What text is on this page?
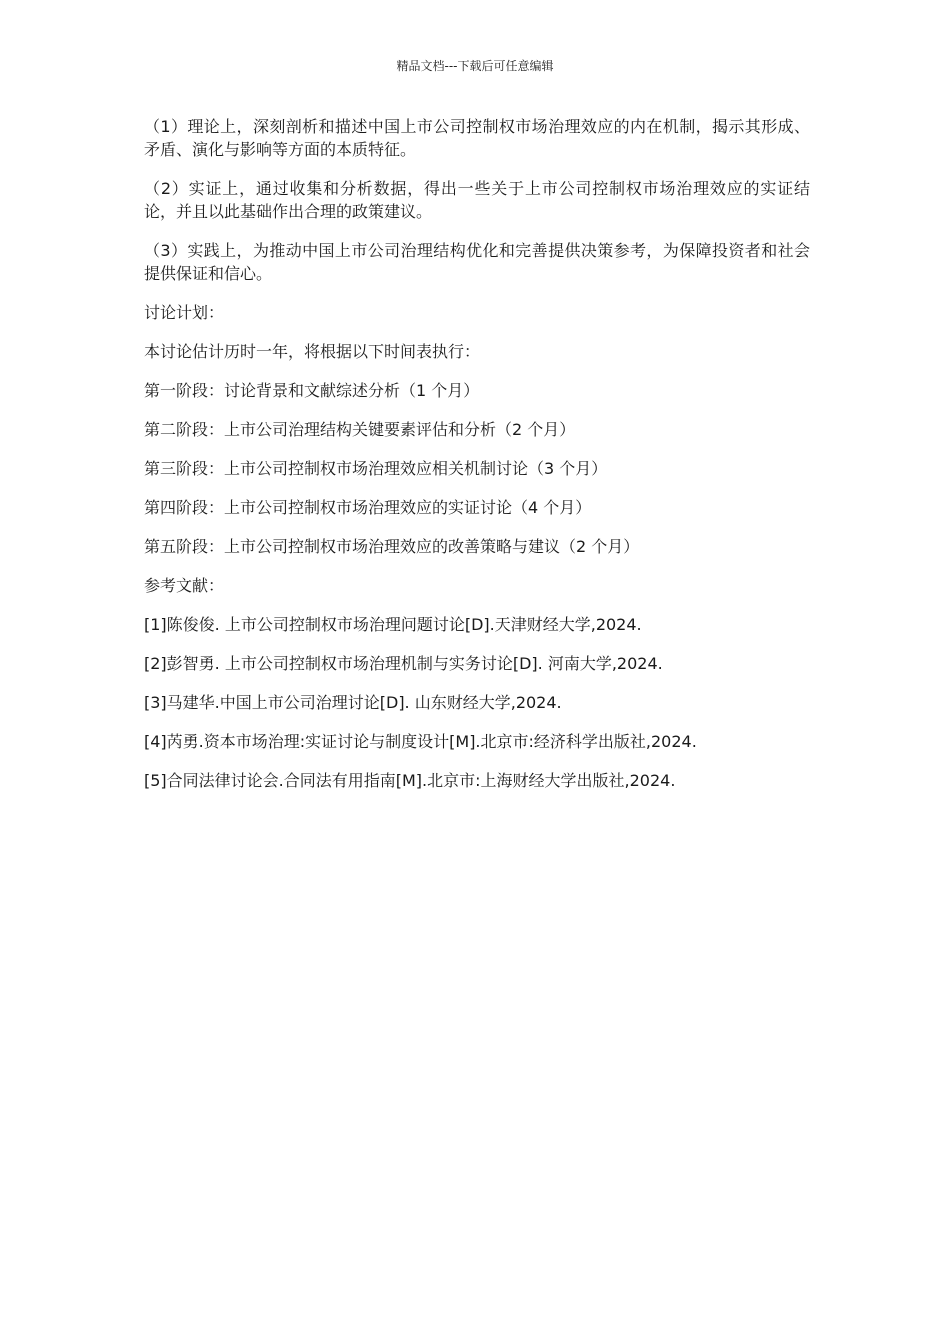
精品文档---下载后可任意编辑

（1）理论上，深刻剖析和描述中国上市公司控制权市场治理效应的内在机制，揭示其形成、矛盾、演化与影响等方面的本质特征。

（2）实证上，通过收集和分析数据，得出一些关于上市公司控制权市场治理效应的实证结论，并且以此基础作出合理的政策建议。

（3）实践上，为推动中国上市公司治理结构优化和完善提供决策参考，为保障投资者和社会提供保证和信心。

讨论计划：
本讨论估计历时一年，将根据以下时间表执行：
第一阶段：讨论背景和文献综述分析（1 个月）
第二阶段：上市公司治理结构关键要素评估和分析（2 个月）
第三阶段：上市公司控制权市场治理效应相关机制讨论（3 个月）
第四阶段：上市公司控制权市场治理效应的实证讨论（4 个月）
第五阶段：上市公司控制权市场治理效应的改善策略与建议（2 个月）
参考文献：
[1]陈俊俊. 上市公司控制权市场治理问题讨论[D].天津财经大学,2024.
[2]彭智勇. 上市公司控制权市场治理机制与实务讨论[D]. 河南大学,2024.
[3]马建华.中国上市公司治理讨论[D]. 山东财经大学,2024.
[4]芮勇.资本市场治理:实证讨论与制度设计[M].北京市:经济科学出版社,2024.
[5]合同法律讨论会.合同法有用指南[M].北京市:上海财经大学出版社,2024.
